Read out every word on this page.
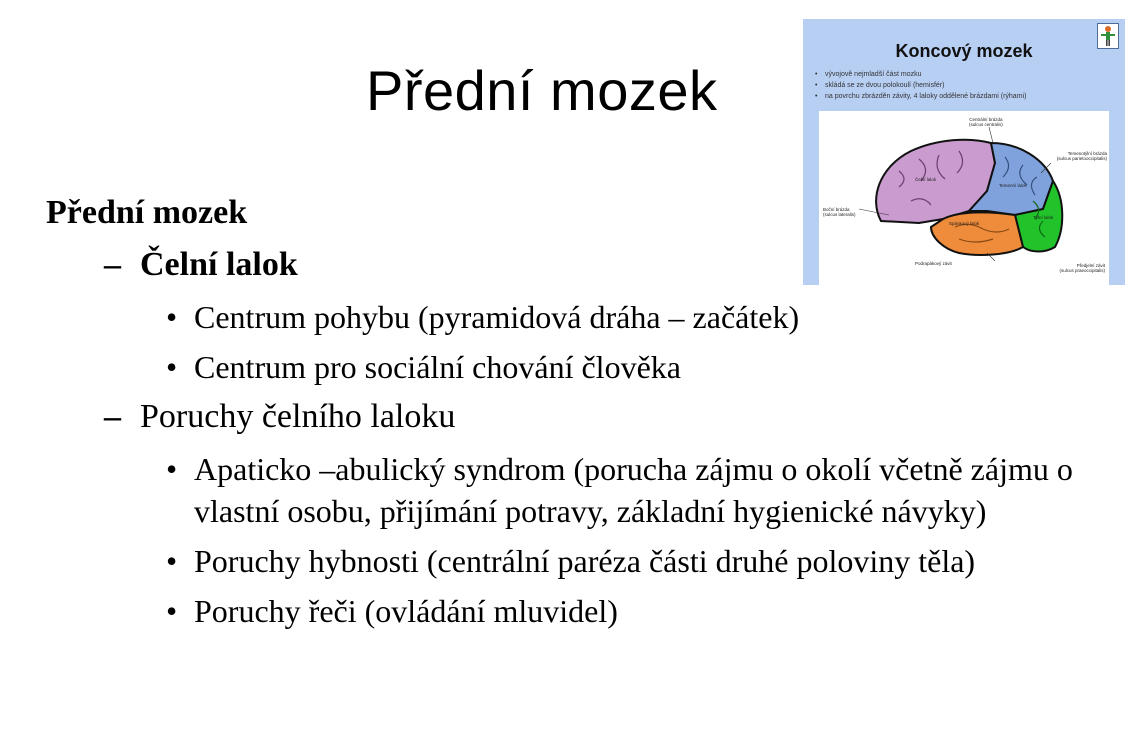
Přední mozek
Koncový mozek
• vývojově nejmladší část mozku
• skládá se ze dvou polokoulí (hemisfér)
• na povrchu zbrázděn závity, 4 laloky oddělené brázdami (rýhami)
Centrální brázda
(sulcus centralis)
Temenotýlní brázda
(sulcus parietooccipitalis)
Čelní lalok
Temenní lalok
Boční brázda
(sulcus lateralis)
Spánkový lalok
Týlní lalok
Podrapákový závit	Předjelní závit
(sulcus praeoccipitalis)
Přední mozek
– Čelní lalok
• Centrum pohybu (pyramidová dráha – začátek)
• Centrum pro sociální chování člověka
– Poruchy čelního laloku
• Apaticko –abulický syndrom (porucha zájmu o okolí včetně zájmu o vlastní osobu, přijímání potravy, základní hygienické návyky)
• Poruchy hybnosti (centrální paréza části druhé poloviny těla)
• Poruchy řeči (ovládání mluvidel)
